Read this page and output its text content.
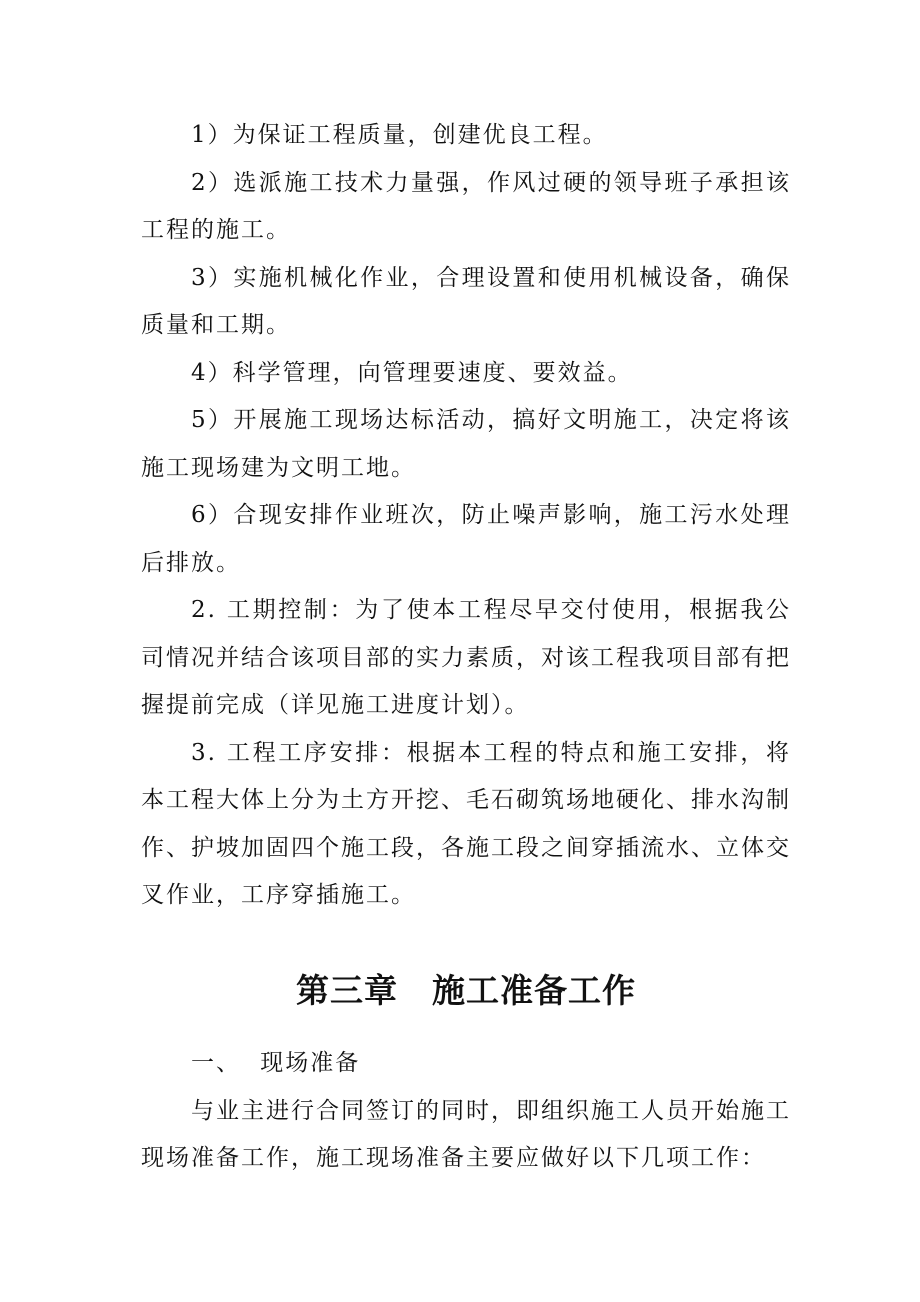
1）为保证工程质量，创建优良工程。

2）选派施工技术力量强，作风过硬的领导班子承担该工程的施工。

3）实施机械化作业，合理设置和使用机械设备，确保质量和工期。

4）科学管理，向管理要速度、要效益。

5）开展施工现场达标活动，搞好文明施工，决定将该施工现场建为文明工地。

6）合现安排作业班次，防止噪声影响，施工污水处理后排放。

2. 工期控制：为了使本工程尽早交付使用，根据我公司情况并结合该项目部的实力素质，对该工程我项目部有把握提前完成（详见施工进度计划）。

3. 工程工序安排：根据本工程的特点和施工安排，将本工程大体上分为土方开挖、毛石砌筑场地硬化、排水沟制作、护坡加固四个施工段，各施工段之间穿插流水、立体交叉作业，工序穿插施工。

第三章　施工准备工作

一、 现场准备

与业主进行合同签订的同时，即组织施工人员开始施工现场准备工作，施工现场准备主要应做好以下几项工作：
